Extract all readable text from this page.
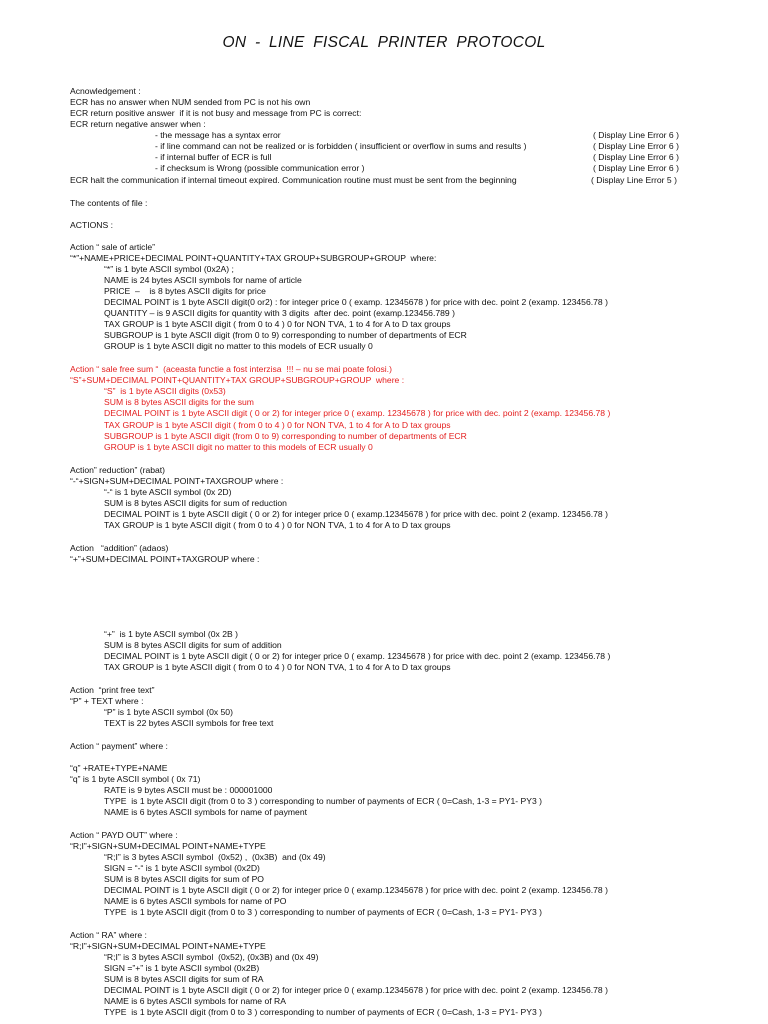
ON - LINE FISCAL PRINTER PROTOCOL
Acnowledgement :
ECR has no answer when NUM sended from PC is not his own
ECR return positive answer  if it is not busy and message from PC is correct:
ECR return negative answer when :
- the message has a syntax error	( Display Line Error 6 )
- if line command can not be realized or is forbidden ( insufficient or overflow in sums and results )	( Display Line Error 6 )
- if internal buffer of ECR is full	( Display Line Error 6 )
- if checksum is Wrong (possible communication error )	( Display Line Error 6 )
ECR halt the communication if internal timeout expired. Communication routine must must be sent from the beginning	( Display Line Error 5 )
The contents of file :
ACTIONS :
Action “ sale of article”
“*”+NAME+PRICE+DECIMAL POINT+QUANTITY+TAX GROUP+SUBGROUP+GROUP  where:
“*” is 1 byte ASCII symbol (0x2A) ;
NAME is 24 bytes ASCII symbols for name of article
PRICE  –    is 8 bytes ASCII digits for price
DECIMAL POINT is 1 byte ASCII digit(0 or2) : for integer price 0 ( examp. 12345678 ) for price with dec. point 2 (examp. 123456.78 )
QUANTITY – is 9 ASCII digits for quantity with 3 digits  after dec. point (examp.123456.789 )
TAX GROUP is 1 byte ASCII digit ( from 0 to 4 ) 0 for NON TVA, 1 to 4 for A to D tax groups
SUBGROUP is 1 byte ASCII digit (from 0 to 9) corresponding to number of departments of ECR
GROUP is 1 byte ASCII digit no matter to this models of ECR usually 0
Action “ sale free sum “  (aceasta functie a fost interzisa  !!! – nu se mai poate folosi.)
“S”+SUM+DECIMAL POINT+QUANTITY+TAX GROUP+SUBGROUP+GROUP  where :
“S”  is 1 byte ASCII digits (0x53)
SUM is 8 bytes ASCII digits for the sum
DECIMAL POINT is 1 byte ASCII digit ( 0 or 2) for integer price 0 ( examp. 12345678 ) for price with dec. point 2 (examp. 123456.78 )
TAX GROUP is 1 byte ASCII digit ( from 0 to 4 ) 0 for NON TVA, 1 to 4 for A to D tax groups
SUBGROUP is 1 byte ASCII digit (from 0 to 9) corresponding to number of departments of ECR
GROUP is 1 byte ASCII digit no matter to this models of ECR usually 0
Action” reduction” (rabat)
“-“+SIGN+SUM+DECIMAL POINT+TAXGROUP where :
“-“ is 1 byte ASCII symbol (0x 2D)
SUM is 8 bytes ASCII digits for sum of reduction
DECIMAL POINT is 1 byte ASCII digit ( 0 or 2) for integer price 0 ( examp.12345678 ) for price with dec. point 2 (examp. 123456.78 )
TAX GROUP is 1 byte ASCII digit ( from 0 to 4 ) 0 for NON TVA, 1 to 4 for A to D tax groups
Action   “addition” (adaos)
“+”+SUM+DECIMAL POINT+TAXGROUP where :
“+”  is 1 byte ASCII symbol (0x 2B )
SUM is 8 bytes ASCII digits for sum of addition
DECIMAL POINT is 1 byte ASCII digit ( 0 or 2) for integer price 0 ( examp. 12345678 ) for price with dec. point 2 (examp. 123456.78 )
TAX GROUP is 1 byte ASCII digit ( from 0 to 4 ) 0 for NON TVA, 1 to 4 for A to D tax groups
Action  “print free text”
“P” + TEXT where :
“P” is 1 byte ASCII symbol (0x 50)
TEXT is 22 bytes ASCII symbols for free text
Action “ payment” where :
“q” +RATE+TYPE+NAME
“q” is 1 byte ASCII symbol ( 0x 71)
RATE is 9 bytes ASCII must be : 000001000
TYPE  is 1 byte ASCII digit (from 0 to 3 ) corresponding to number of payments of ECR ( 0=Cash, 1-3 = PY1- PY3 )
NAME is 6 bytes ASCII symbols for name of payment
Action “ PAYD OUT” where :
“R;I”+SIGN+SUM+DECIMAL POINT+NAME+TYPE
“R;I” is 3 bytes ASCII symbol  (0x52) ,  (0x3B)  and (0x 49)
SIGN = “-“ is 1 byte ASCII symbol (0x2D)
SUM is 8 bytes ASCII digits for sum of PO
DECIMAL POINT is 1 byte ASCII digit ( 0 or 2) for integer price 0 ( examp.12345678 ) for price with dec. point 2 (examp. 123456.78 )
NAME is 6 bytes ASCII symbols for name of PO
TYPE  is 1 byte ASCII digit (from 0 to 3 ) corresponding to number of payments of ECR ( 0=Cash, 1-3 = PY1- PY3 )
Action “ RA” where :
“R;I”+SIGN+SUM+DECIMAL POINT+NAME+TYPE
“R;I” is 3 bytes ASCII symbol  (0x52), (0x3B) and (0x 49)
SIGN =”+” is 1 byte ASCII symbol (0x2B)
SUM is 8 bytes ASCII digits for sum of RA
DECIMAL POINT is 1 byte ASCII digit ( 0 or 2) for integer price 0 ( examp.12345678 ) for price with dec. point 2 (examp. 123456.78 )
NAME is 6 bytes ASCII symbols for name of RA
TYPE  is 1 byte ASCII digit (from 0 to 3 ) corresponding to number of payments of ECR ( 0=Cash, 1-3 = PY1- PY3 )
